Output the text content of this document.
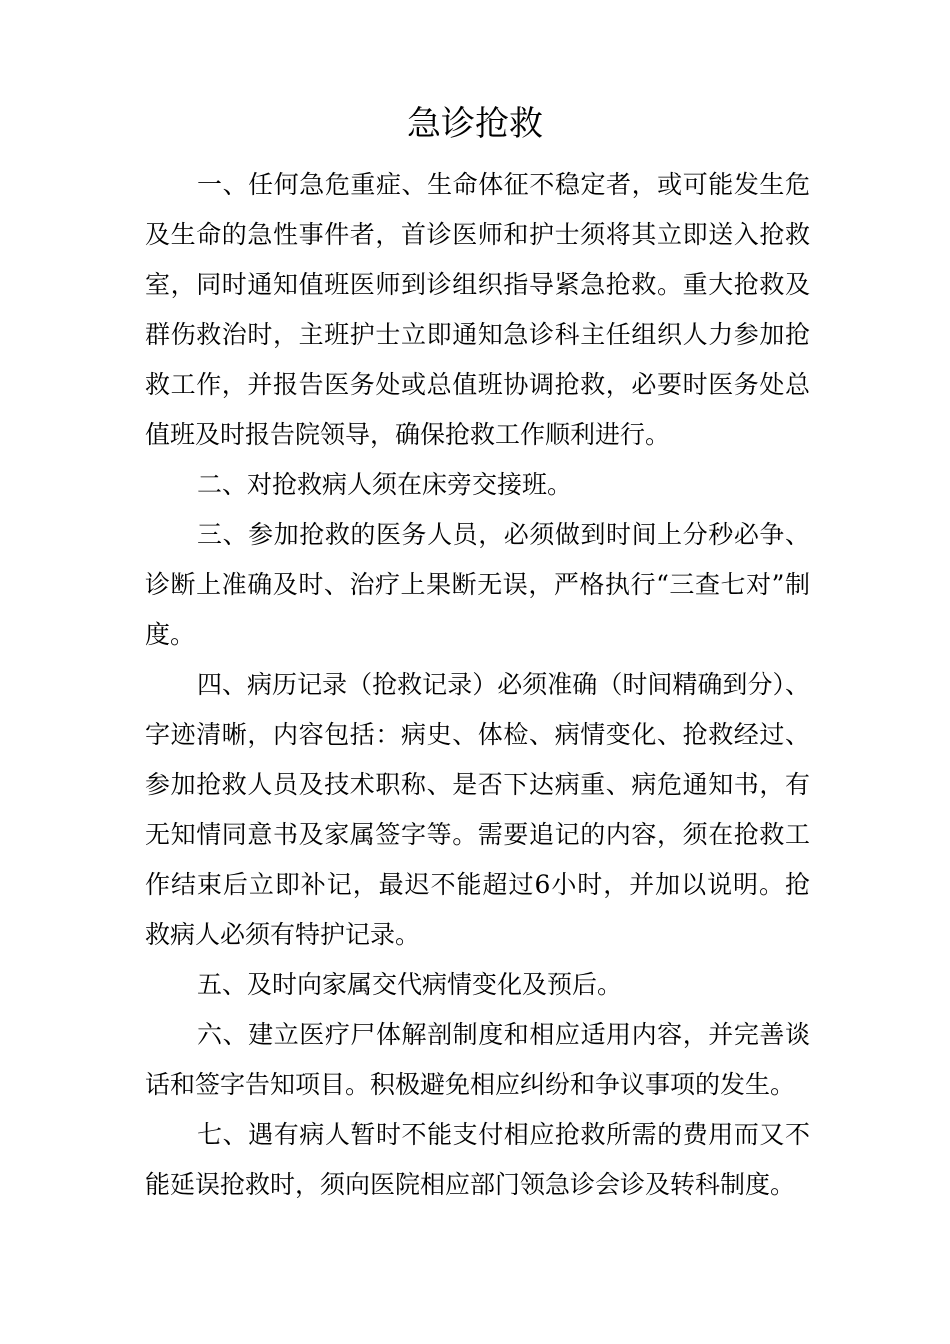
急诊抢救

一、任何急危重症、生命体征不稳定者，或可能发生危及生命的急性事件者，首诊医师和护士须将其立即送入抢救室，同时通知值班医师到诊组织指导紧急抢救。重大抢救及群伤救治时，主班护士立即通知急诊科主任组织人力参加抢救工作，并报告医务处或总值班协调抢救，必要时医务处总值班及时报告院领导，确保抢救工作顺利进行。

二、对抢救病人须在床旁交接班。

三、参加抢救的医务人员，必须做到时间上分秒必争、诊断上准确及时、治疗上果断无误，严格执行“三查七对”制度。

四、病历记录（抢救记录）必须准确（时间精确到分）、字迹清晰，内容包括：病史、体检、病情变化、抢救经过、参加抢救人员及技术职称、是否下达病重、病危通知书，有无知情同意书及家属签字等。需要追记的内容，须在抢救工作结束后立即补记，最迟不能超过6小时，并加以说明。抢救病人必须有特护记录。

五、及时向家属交代病情变化及预后。

六、建立医疗尸体解剖制度和相应适用内容，并完善谈话和签字告知项目。积极避免相应纠纷和争议事项的发生。

七、遇有病人暂时不能支付相应抢救所需的费用而又不能延误抢救时，须向医院相应部门领急诊会诊及转科制度。
